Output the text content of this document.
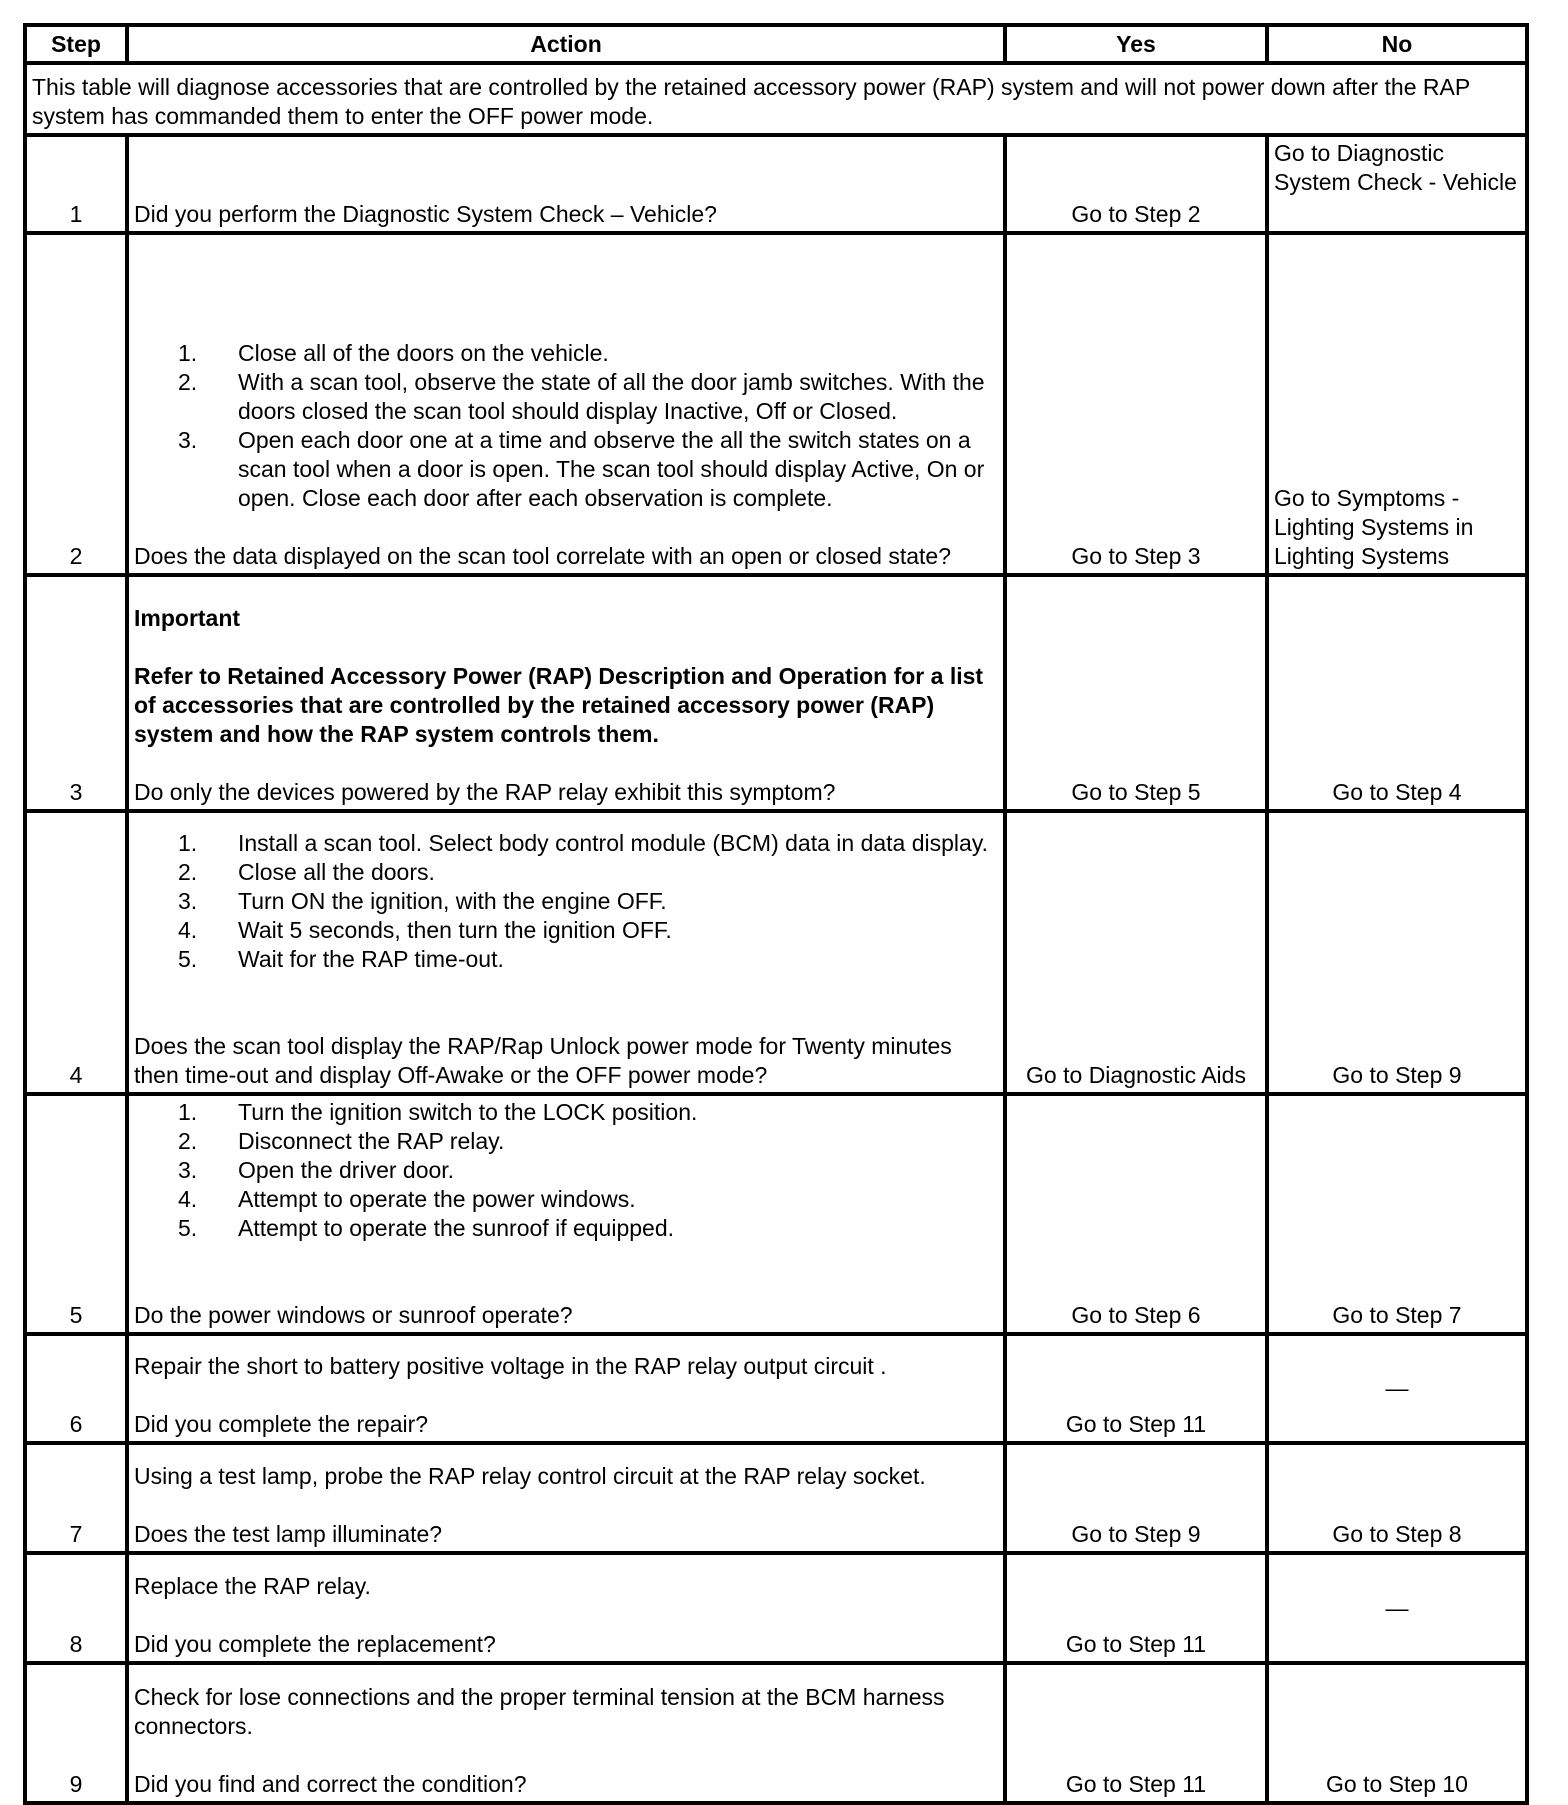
Step	Action	Yes	No
This table will diagnose accessories that are controlled by the retained accessory power (RAP) system and will not power down after the RAP system has commanded them to enter the OFF power mode.			
1	Did you perform the Diagnostic System Check – Vehicle?	Go to Step 2	Go to Diagnostic System Check - Vehicle
2	
Close all of the doors on the vehicle.
With a scan tool, observe the state of all the door jamb switches. With the doors closed the scan tool should display Inactive, Off or Closed.
Open each door one at a time and observe the all the switch states on a scan tool when a door is open. The scan tool should display Active, On or open. Close each door after each observation is complete.

Does the data displayed on the scan tool correlate with an open or closed state?	Go to Step 3	Go to Symptoms - Lighting Systems in Lighting Systems
3	Important

Refer to Retained Accessory Power (RAP) Description and Operation for a list of accessories that are controlled by the retained accessory power (RAP) system and how the RAP system controls them.

Do only the devices powered by the RAP relay exhibit this symptom?	Go to Step 5	Go to Step 4
4	
Install a scan tool. Select body control module (BCM) data in data display.
Close all the doors.
Turn ON the ignition, with the engine OFF.
Wait 5 seconds, then turn the ignition OFF.
Wait for the RAP time-out.

Does the scan tool display the RAP/Rap Unlock power mode for Twenty minutes then time-out and display Off-Awake or the OFF power mode?	Go to Diagnostic Aids	Go to Step 9
5	
Turn the ignition switch to the LOCK position.
Disconnect the RAP relay.
Open the driver door.
Attempt to operate the power windows.
Attempt to operate the sunroof if equipped.

Do the power windows or sunroof operate?	Go to Step 6	Go to Step 7
6	Repair the short to battery positive voltage in the RAP relay output circuit .

Did you complete the repair?	Go to Step 11	—
7	Using a test lamp, probe the RAP relay control circuit at the RAP relay socket.

Does the test lamp illuminate?	Go to Step 9	Go to Step 8
8	Replace the RAP relay.

Did you complete the replacement?	Go to Step 11	—
9	Check for lose connections and the proper terminal tension at the BCM harness connectors.

Did you find and correct the condition?	Go to Step 11	Go to Step 10
